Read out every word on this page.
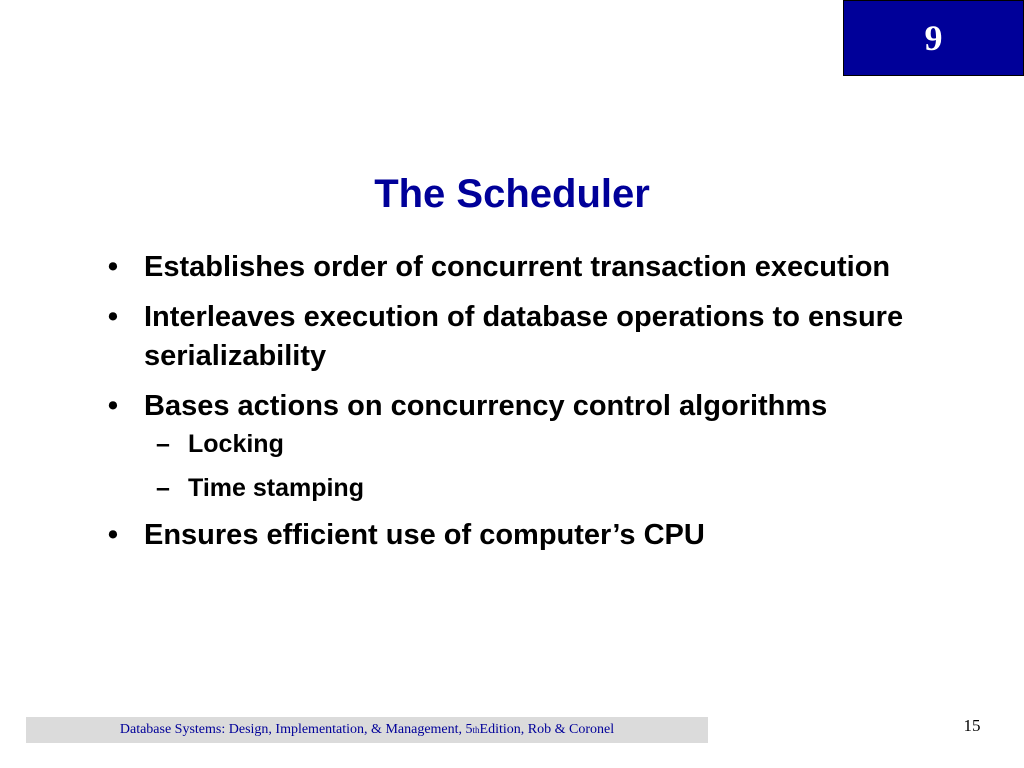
9
The Scheduler
• Establishes order of concurrent transaction execution
• Interleaves execution of database operations to ensure serializability
• Bases actions on concurrency control algorithms
– Locking
– Time stamping
• Ensures efficient use of computer’s CPU
Database Systems: Design, Implementation, & Management, 5 th Edition, Rob & Coronel	15
